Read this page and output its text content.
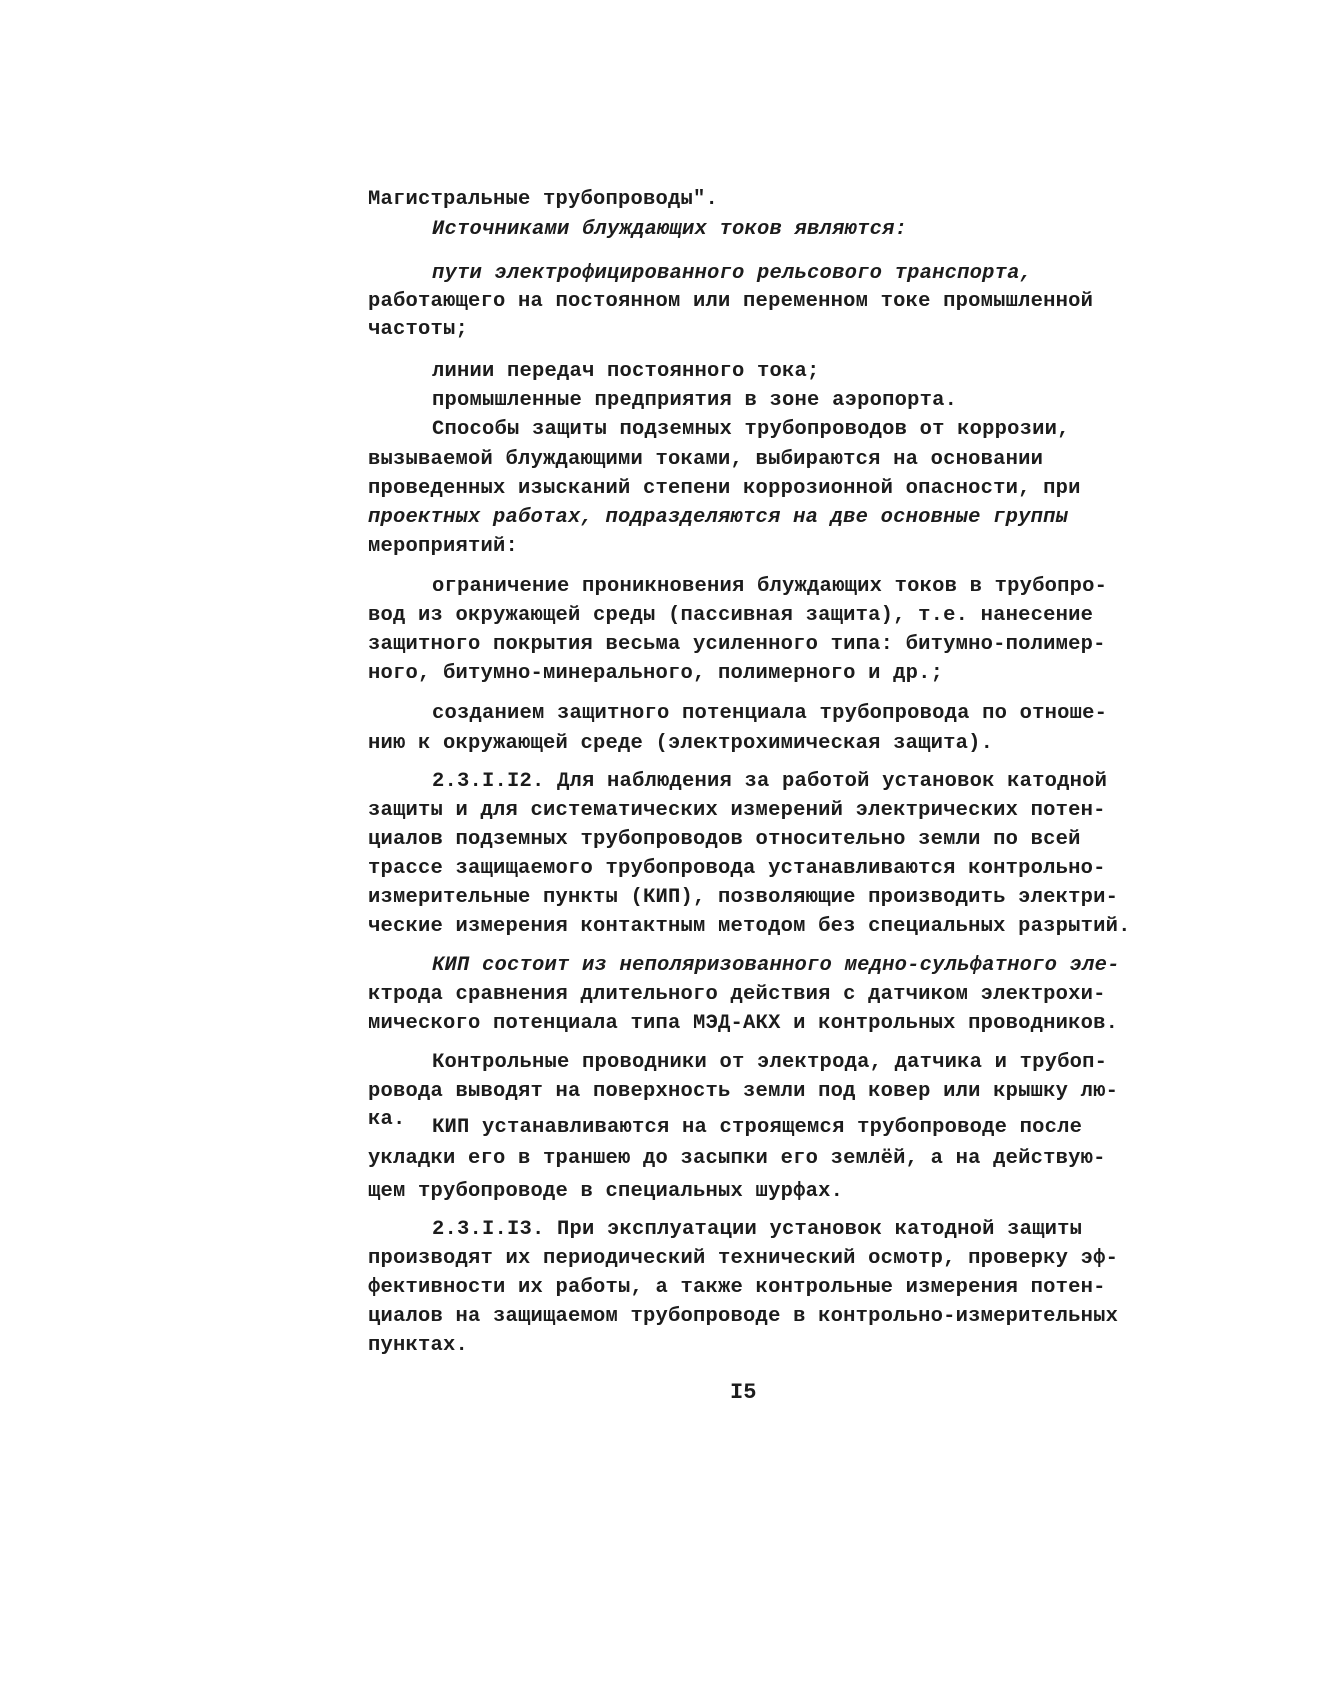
Магистральные трубопроводы".
Источниками блуждающих токов являются:
пути электрофицированного рельсового транспорта,
работающего на постоянном или переменном токе промышленной
частоты;
линии передач постоянного тока;
промышленные предприятия в зоне аэропорта.
Способы защиты подземных трубопроводов от коррозии,
вызываемой блуждающими токами, выбираются на основании
проведенных изысканий степени коррозионной опасности, при
проектных работах, подразделяются на две основные группы
мероприятий:
ограничение проникновения блуждающих токов в трубопро-
вод из окружающей среды (пассивная защита), т.е. нанесение
защитного покрытия весьма усиленного типа: битумно-полимер-
ного, битумно-минерального, полимерного и др.;
созданием защитного потенциала трубопровода по отноше-
нию к окружающей среде (электрохимическая защита).
2.3.I.I2. Для наблюдения за работой установок катодной
защиты и для систематических измерений электрических потен-
циалов подземных трубопроводов относительно земли по всей
трассе защищаемого трубопровода устанавливаются контрольно-
измерительные пункты (КИП), позволяющие производить электри-
ческие измерения контактным методом без специальных разрытий.
КИП состоит из неполяризованного медно-сульфатного эле-
ктрода сравнения длительного действия с датчиком электрохи-
мического потенциала типа МЭД-АКХ и контрольных проводников.
Контрольные проводники от электрода, датчика и трубоп-
ровода выводят на поверхность земли под ковер или крышку лю-
ка. КИП устанавливаются на строящемся трубопроводе после
укладки его в траншею до засыпки его землёй, а на действую-
щем трубопроводе в специальных шурфах.
2.3.I.I3. При эксплуатации установок катодной защиты
производят их периодический технический осмотр, проверку эф-
фективности их работы, а также контрольные измерения потен-
циалов на защищаемом трубопроводе в контрольно-измерительных
пунктах.
I5
